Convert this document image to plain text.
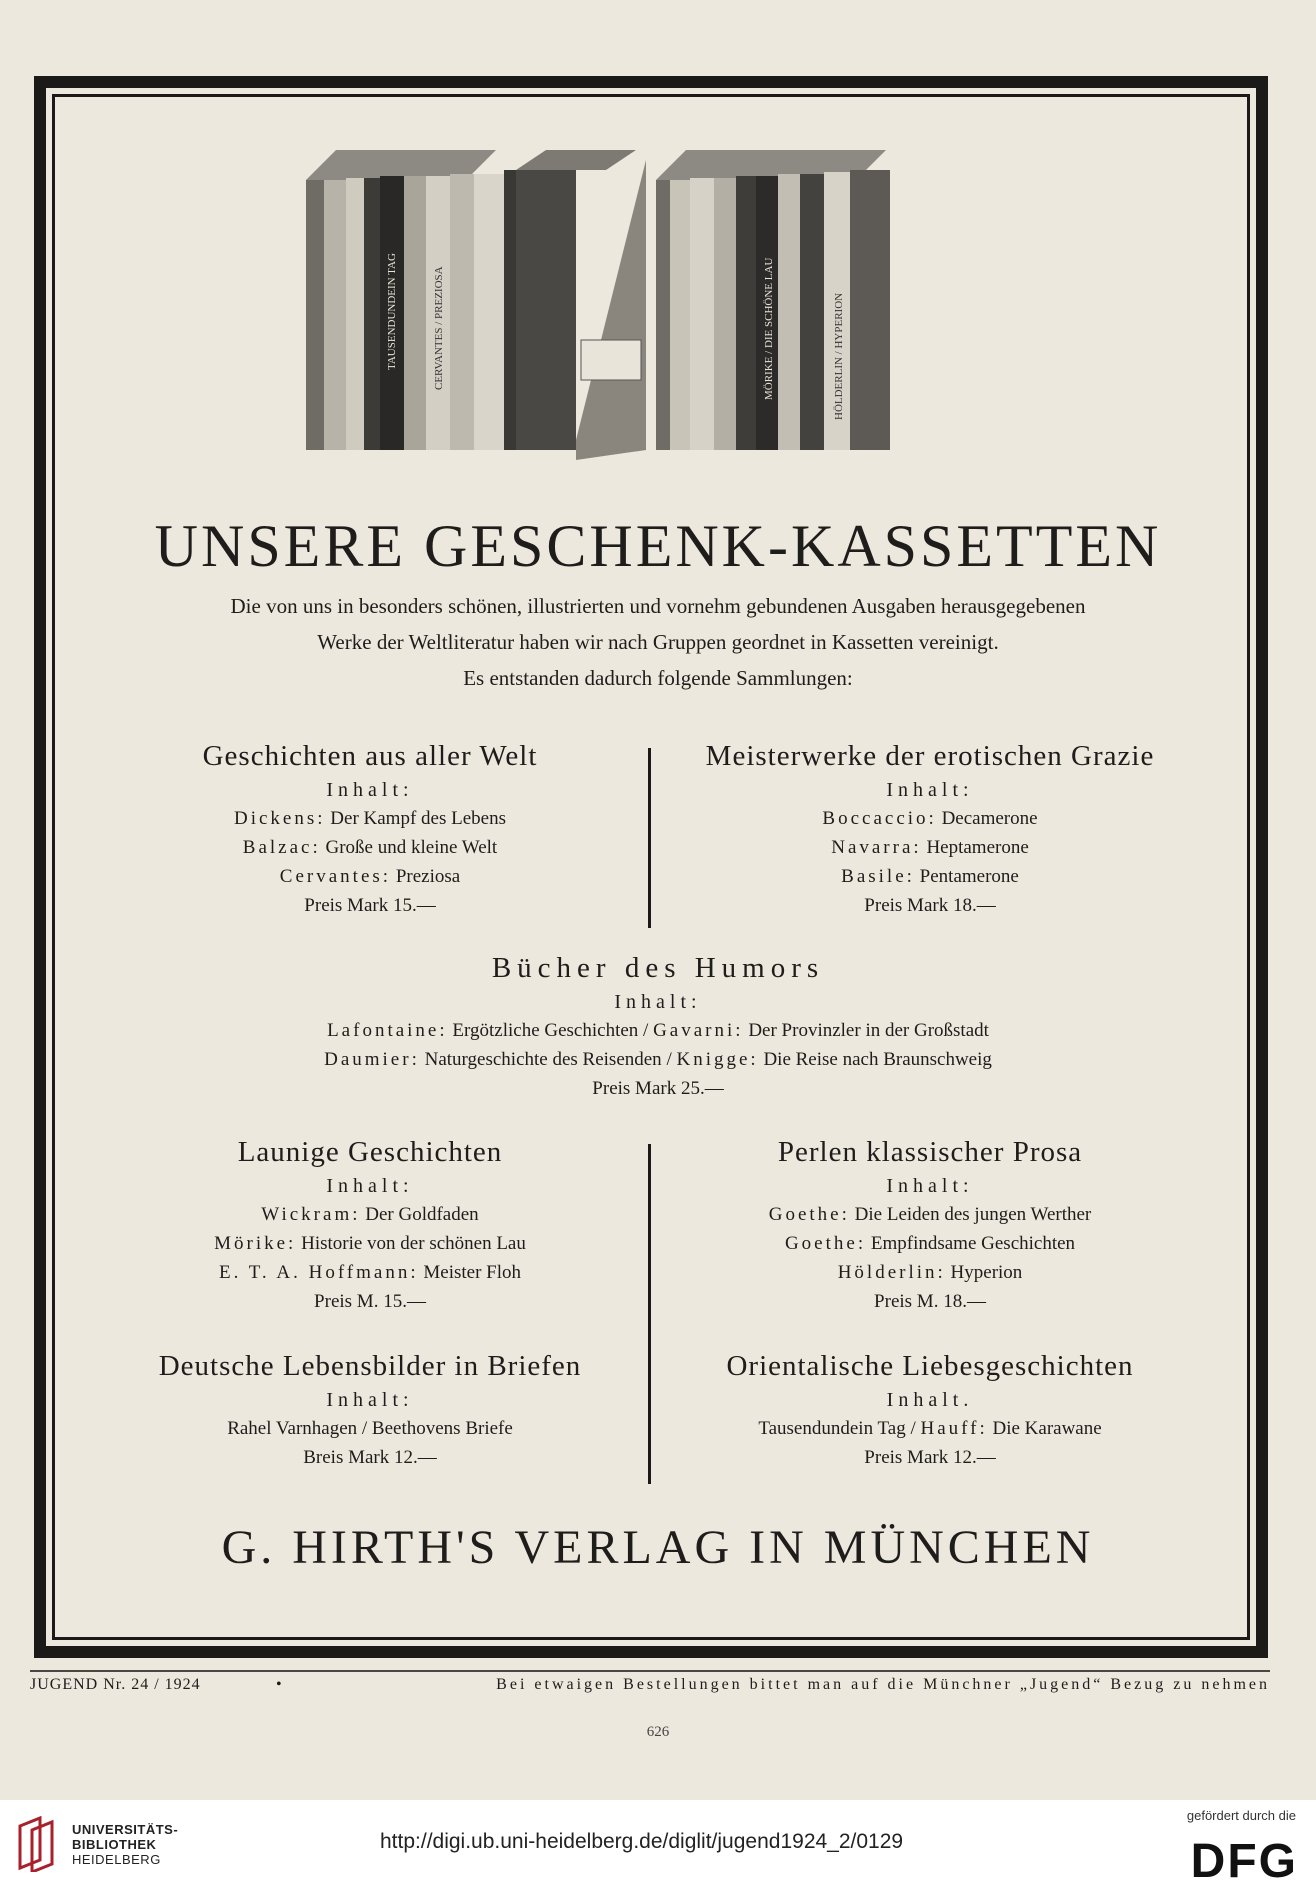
TAUSENDUNDEIN TAG	CERVANTES / PREZIOSA	MÖRIKE / DIE SCHÖNE LAU	HÖLDERLIN / HYPERION
UNSERE GESCHENK-KASSETTEN
Die von uns in besonders schönen, illustrierten und vornehm gebundenen Ausgaben herausgegebenen
Werke der Weltliteratur haben wir nach Gruppen geordnet in Kassetten vereinigt.
Es entstanden dadurch folgende Sammlungen:
Geschichten aus aller Welt
Inhalt:
Dickens: Der Kampf des Lebens
Balzac: Große und kleine Welt
Cervantes: Preziosa
Preis Mark 15.—
Meisterwerke der erotischen Grazie
Inhalt:
Boccaccio: Decamerone
Navarra: Heptamerone
Basile: Pentamerone
Preis Mark 18.—
Bücher des Humors
Inhalt:
Lafontaine: Ergötzliche Geschichten / Gavarni: Der Provinzler in der Großstadt
Daumier: Naturgeschichte des Reisenden / Knigge: Die Reise nach Braunschweig
Preis Mark 25.—
Launige Geschichten
Inhalt:
Wickram: Der Goldfaden
Mörike: Historie von der schönen Lau
E. T. A. Hoffmann: Meister Floh
Preis M. 15.—
Perlen klassischer Prosa
Inhalt:
Goethe: Die Leiden des jungen Werther
Goethe: Empfindsame Geschichten
Hölderlin: Hyperion
Preis M. 18.—
Deutsche Lebensbilder in Briefen
Inhalt:
Rahel Varnhagen / Beethovens Briefe
Breis Mark 12.—
Orientalische Liebesgeschichten
Inhalt.
Tausendundein Tag / Hauff: Die Karawane
Preis Mark 12.—
G. HIRTH'S VERLAG IN MÜNCHEN
JUGEND Nr. 24 / 1924	•	Bei etwaigen Bestellungen bittet man auf die Münchner „Jugend“ Bezug zu nehmen
626
UNIVERSITÄTS-
BIBLIOTHEK
HEIDELBERG
http://digi.ub.uni-heidelberg.de/diglit/jugend1924_2/0129
gefördert durch die
DFG
